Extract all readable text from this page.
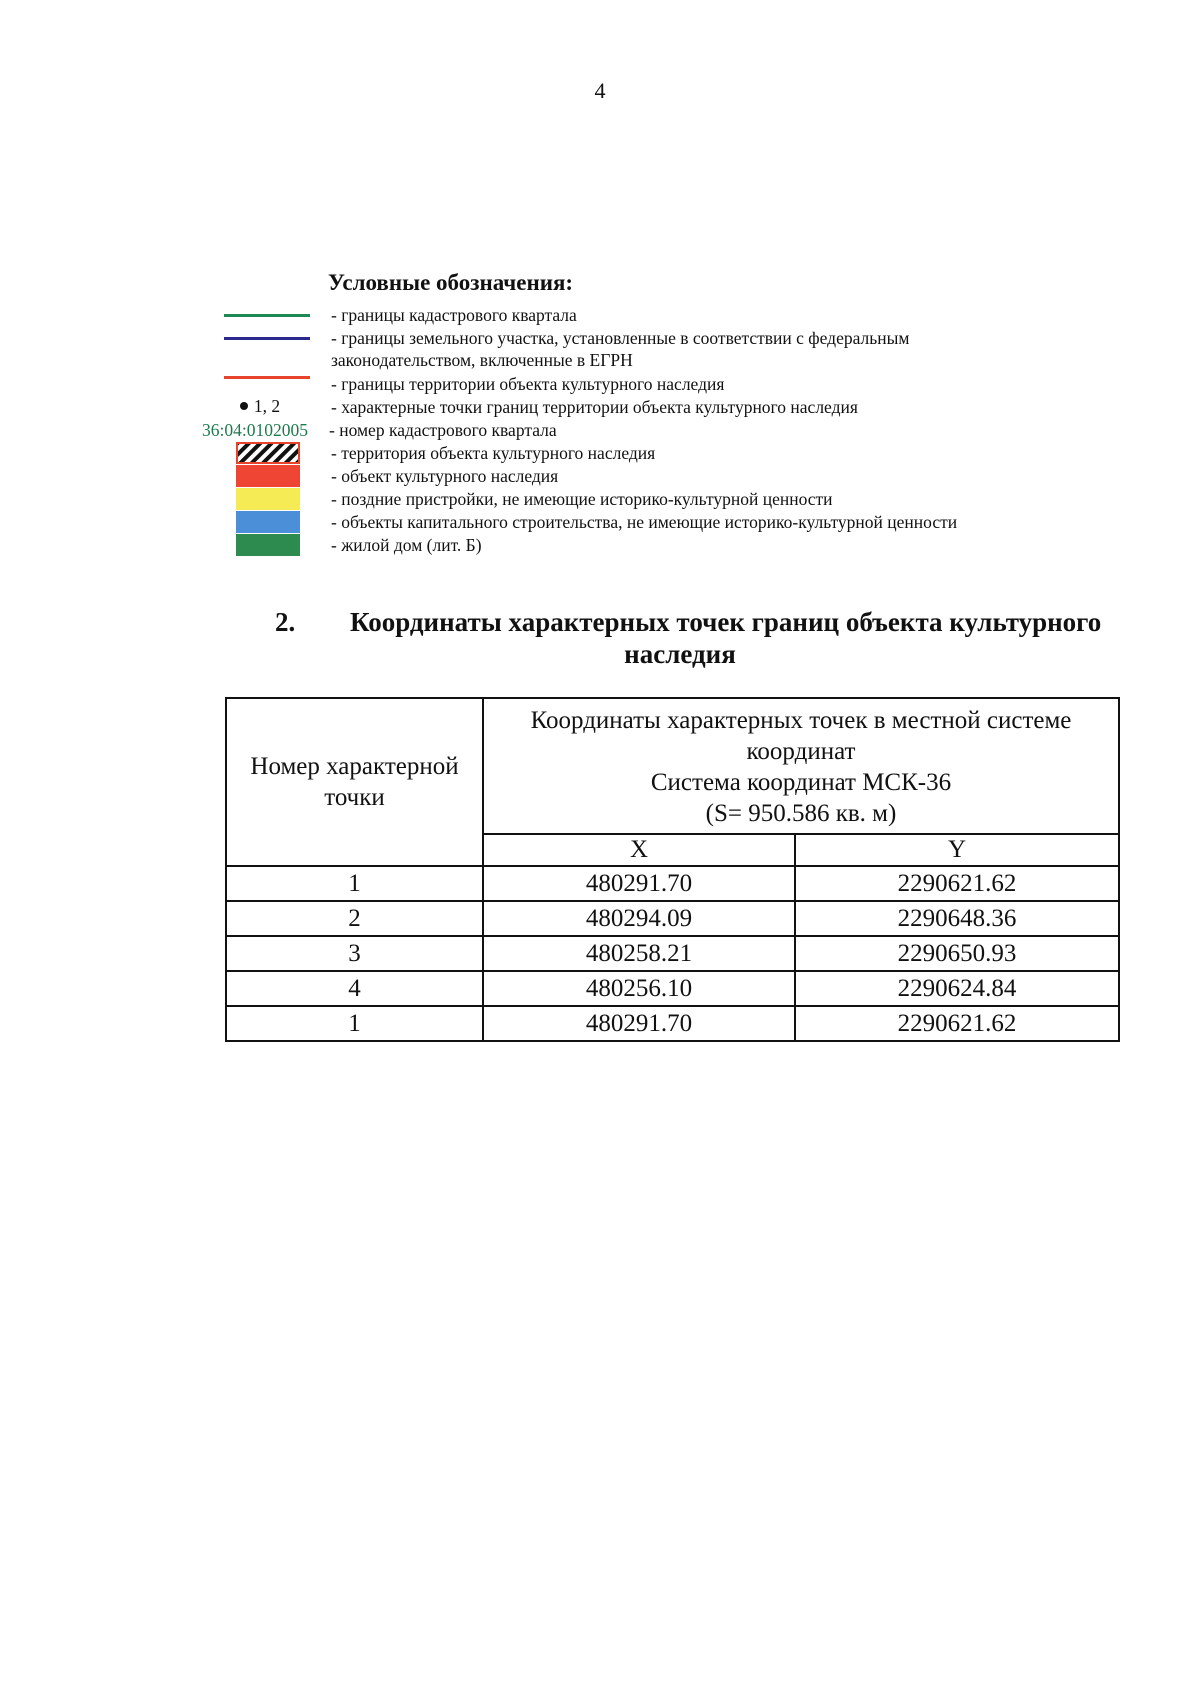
4
Условные обозначения:
- границы кадастрового квартала
- границы земельного участка, установленные в соответствии с федеральным
законодательством, включенные в ЕГРН
- границы территории объекта культурного наследия
1, 2	- характерные точки границ территории объекта культурного наследия
36:04:0102005 - номер кадастрового квартала
- территория объекта культурного наследия
- объект культурного наследия
- поздние пристройки, не имеющие историко-культурной ценности
- объекты капитального строительства, не имеющие историко-культурной ценности
- жилой дом (лит. Б)
2. Координаты характерных точек границ объекта культурного
наследия
Номер характерной точки	Координаты характерных точек в местной системе координат
Система координат МСК-36
(S= 950.586 кв. м)	

	X	Y
1	480291.70	2290621.62
2	480294.09	2290648.36
3	480258.21	2290650.93
4	480256.10	2290624.84
1	480291.70	2290621.62
